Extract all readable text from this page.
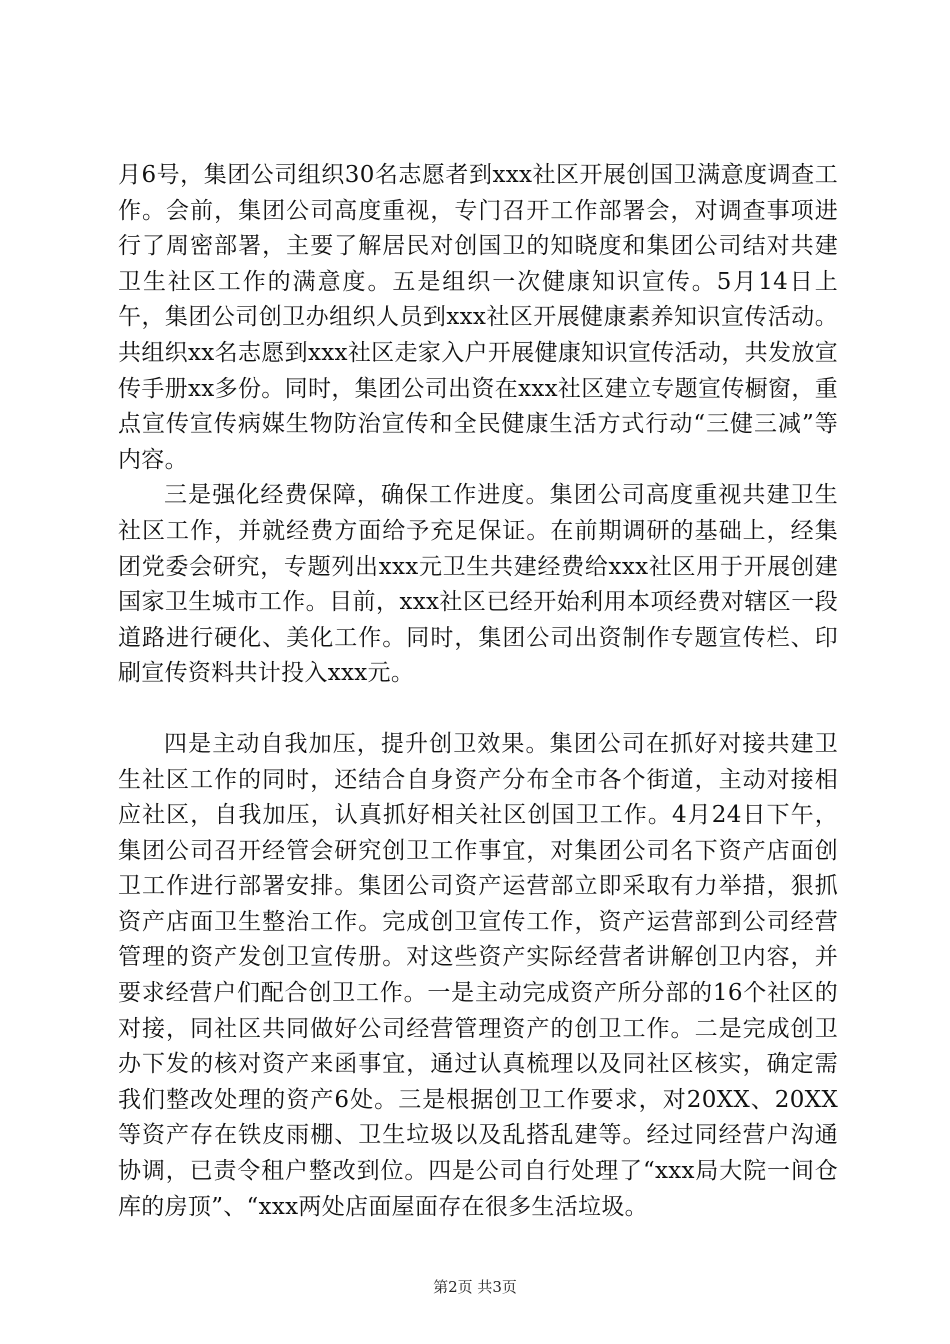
月6号，集团公司组织30名志愿者到xxx社区开展创国卫满意度调查工作。会前，集团公司高度重视，专门召开工作部署会，对调查事项进行了周密部署，主要了解居民对创国卫的知晓度和集团公司结对共建卫生社区工作的满意度。五是组织一次健康知识宣传。5月14日上午，集团公司创卫办组织人员到xxx社区开展健康素养知识宣传活动。共组织xx名志愿到xxx社区走家入户开展健康知识宣传活动，共发放宣传手册xx多份。同时，集团公司出资在xxx社区建立专题宣传橱窗，重点宣传宣传病媒生物防治宣传和全民健康生活方式行动“三健三减”等内容。

三是强化经费保障，确保工作进度。集团公司高度重视共建卫生社区工作，并就经费方面给予充足保证。在前期调研的基础上，经集团党委会研究，专题列出xxx元卫生共建经费给xxx社区用于开展创建国家卫生城市工作。目前，xxx社区已经开始利用本项经费对辖区一段道路进行硬化、美化工作。同时，集团公司出资制作专题宣传栏、印刷宣传资料共计投入xxx元。

四是主动自我加压，提升创卫效果。集团公司在抓好对接共建卫生社区工作的同时，还结合自身资产分布全市各个街道，主动对接相应社区，自我加压，认真抓好相关社区创国卫工作。4月24日下午，集团公司召开经管会研究创卫工作事宜，对集团公司名下资产店面创卫工作进行部署安排。集团公司资产运营部立即采取有力举措，狠抓资产店面卫生整治工作。完成创卫宣传工作，资产运营部到公司经营管理的资产发创卫宣传册。对这些资产实际经营者讲解创卫内容，并要求经营户们配合创卫工作。一是主动完成资产所分部的16个社区的对接，同社区共同做好公司经营管理资产的创卫工作。二是完成创卫办下发的核对资产来函事宜，通过认真梳理以及同社区核实，确定需我们整改处理的资产6处。三是根据创卫工作要求，对20XX、20XX等资产存在铁皮雨棚、卫生垃圾以及乱搭乱建等。经过同经营户沟通协调，已责令租户整改到位。四是公司自行处理了“xxx局大院一间仓库的房顶”、“xxx两处店面屋面存在很多生活垃圾。

第2页 共3页
